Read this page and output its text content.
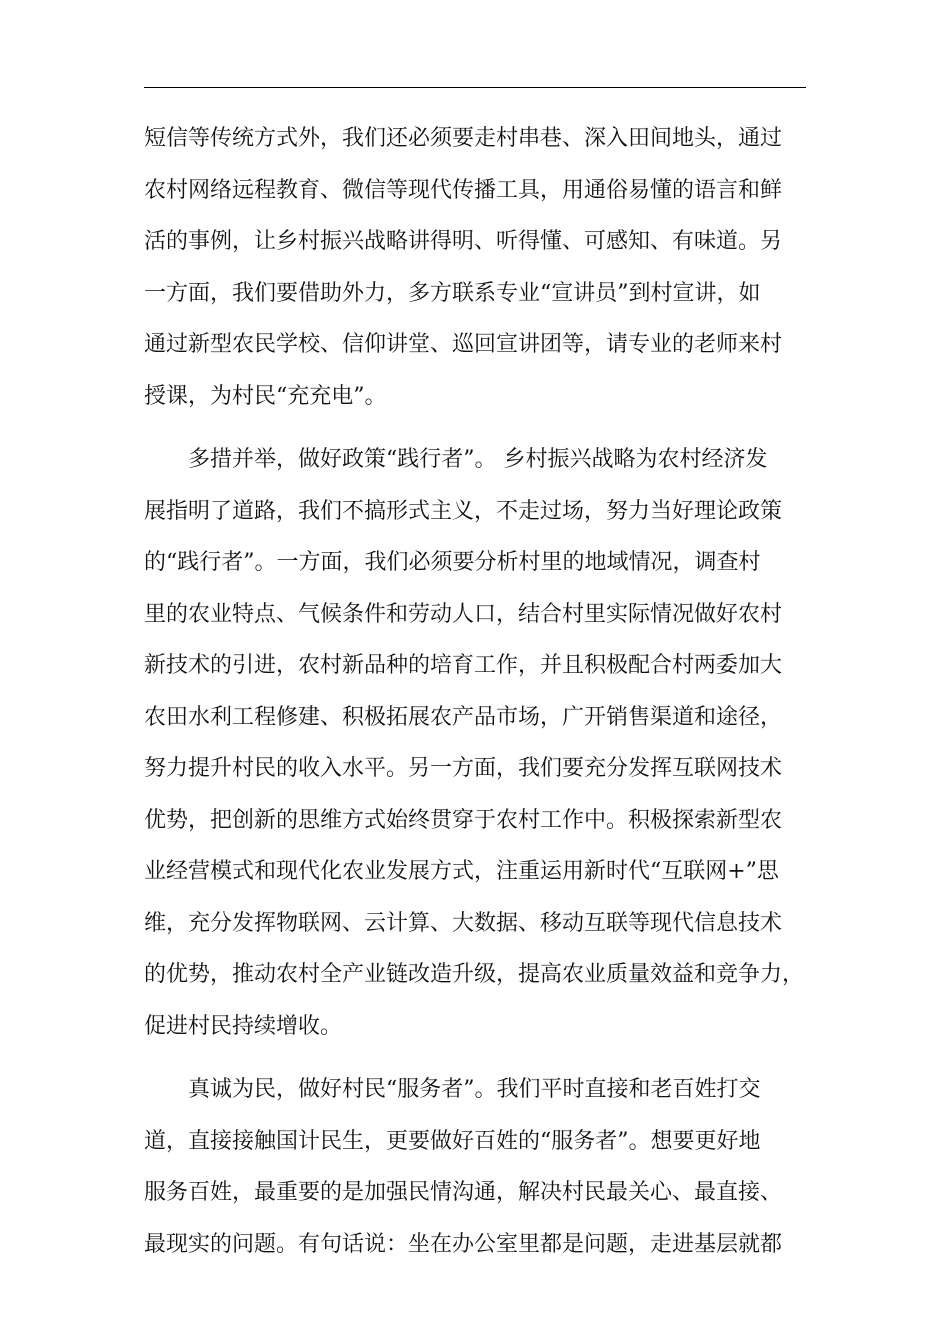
短信等传统方式外，我们还必须要走村串巷、深入田间地头，通过
农村网络远程教育、微信等现代传播工具，用通俗易懂的语言和鲜
活的事例，让乡村振兴战略讲得明、听得懂、可感知、有味道。另
一方面，我们要借助外力，多方联系专业“宣讲员”到村宣讲，如
通过新型农民学校、信仰讲堂、巡回宣讲团等，请专业的老师来村
授课，为村民“充充电”。
多措并举，做好政策“践行者”。 乡村振兴战略为农村经济发
展指明了道路，我们不搞形式主义，不走过场，努力当好理论政策
的“践行者”。一方面，我们必须要分析村里的地域情况，调查村
里的农业特点、气候条件和劳动人口，结合村里实际情况做好农村
新技术的引进，农村新品种的培育工作，并且积极配合村两委加大
农田水利工程修建、积极拓展农产品市场，广开销售渠道和途径，
努力提升村民的收入水平。另一方面，我们要充分发挥互联网技术
优势，把创新的思维方式始终贯穿于农村工作中。积极探索新型农
业经营模式和现代化农业发展方式，注重运用新时代“互联网+”思
维，充分发挥物联网、云计算、大数据、移动互联等现代信息技术
的优势，推动农村全产业链改造升级，提高农业质量效益和竞争力，
促进村民持续增收。
真诚为民，做好村民“服务者”。我们平时直接和老百姓打交
道，直接接触国计民生，更要做好百姓的“服务者”。想要更好地
服务百姓，最重要的是加强民情沟通，解决村民最关心、最直接、
最现实的问题。有句话说：坐在办公室里都是问题，走进基层就都
